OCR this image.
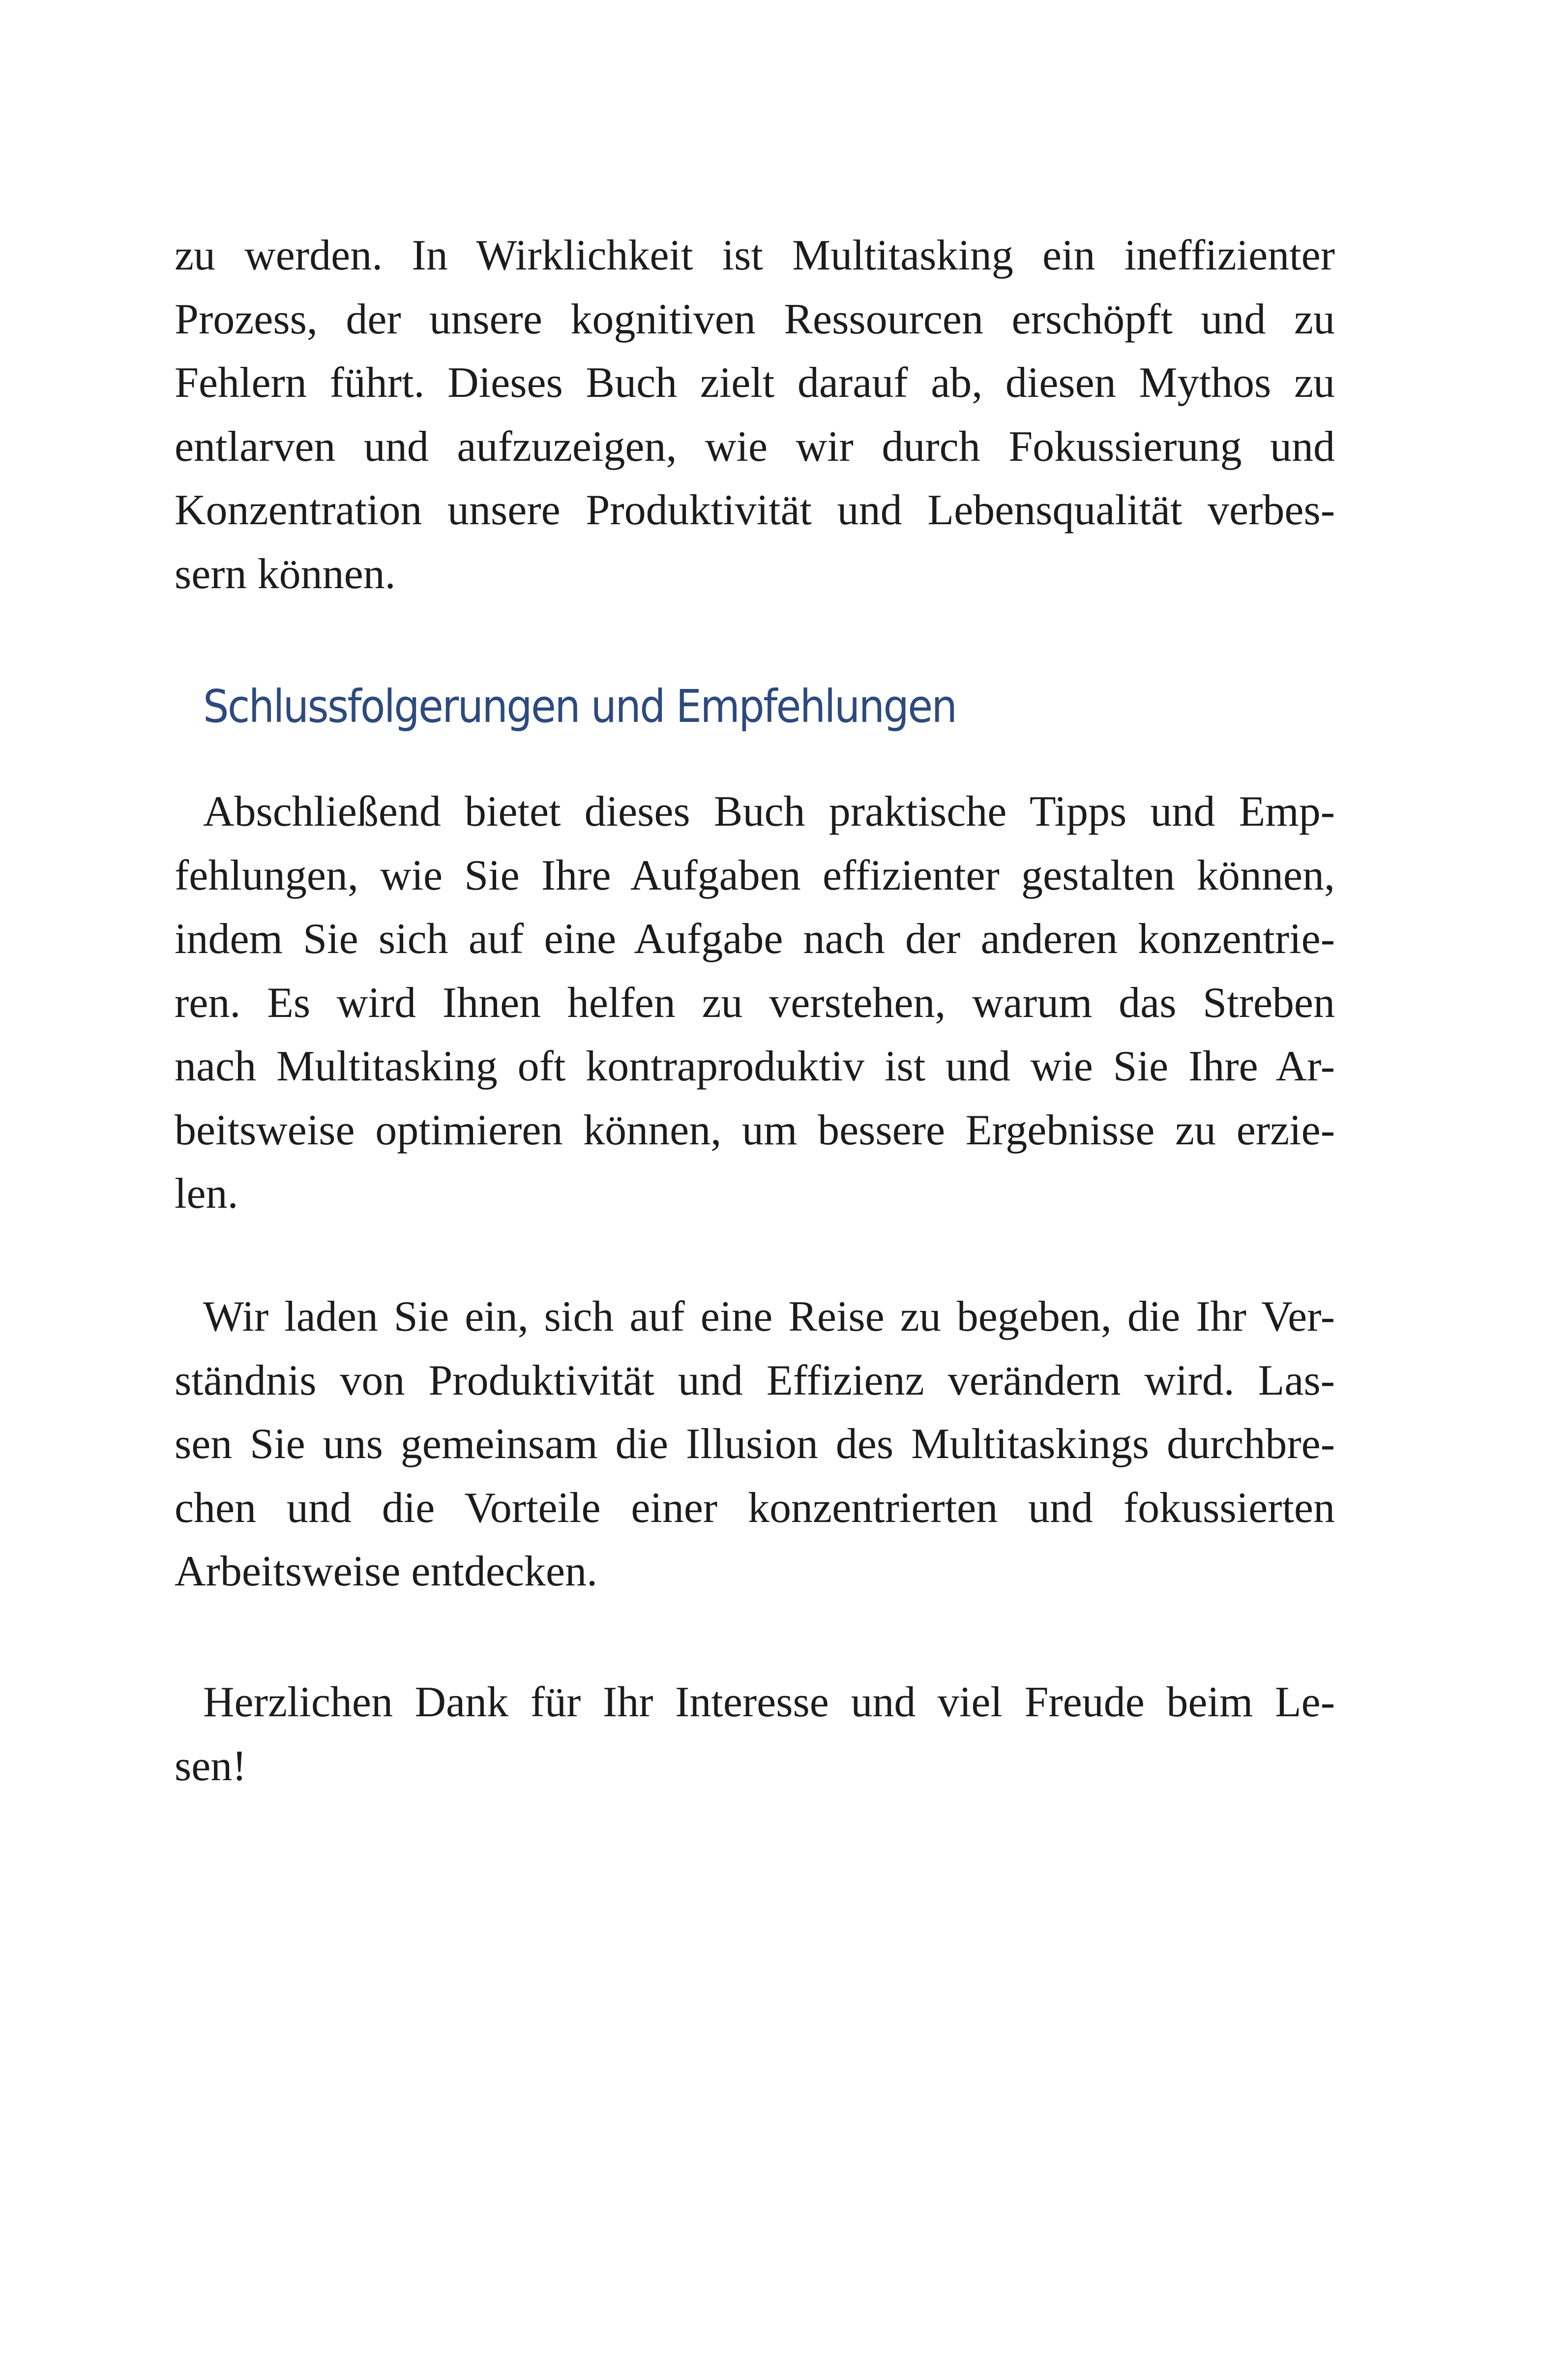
zu werden. In Wirklichkeit ist Multitasking ein ineffizienter
Prozess, der unsere kognitiven Ressourcen erschöpft und zu
Fehlern führt. Dieses Buch zielt darauf ab, diesen Mythos zu
entlarven und aufzuzeigen, wie wir durch Fokussierung und
Konzentration unsere Produktivität und Lebensqualität verbes-
sern können.

Schlussfolgerungen und Empfehlungen

Abschließend bietet dieses Buch praktische Tipps und Emp-
fehlungen, wie Sie Ihre Aufgaben effizienter gestalten können,
indem Sie sich auf eine Aufgabe nach der anderen konzentrie-
ren. Es wird Ihnen helfen zu verstehen, warum das Streben
nach Multitasking oft kontraproduktiv ist und wie Sie Ihre Ar-
beitsweise optimieren können, um bessere Ergebnisse zu erzie-
len.

Wir laden Sie ein, sich auf eine Reise zu begeben, die Ihr Ver-
ständnis von Produktivität und Effizienz verändern wird. Las-
sen Sie uns gemeinsam die Illusion des Multitaskings durchbre-
chen und die Vorteile einer konzentrierten und fokussierten
Arbeitsweise entdecken.

Herzlichen Dank für Ihr Interesse und viel Freude beim Le-
sen!
